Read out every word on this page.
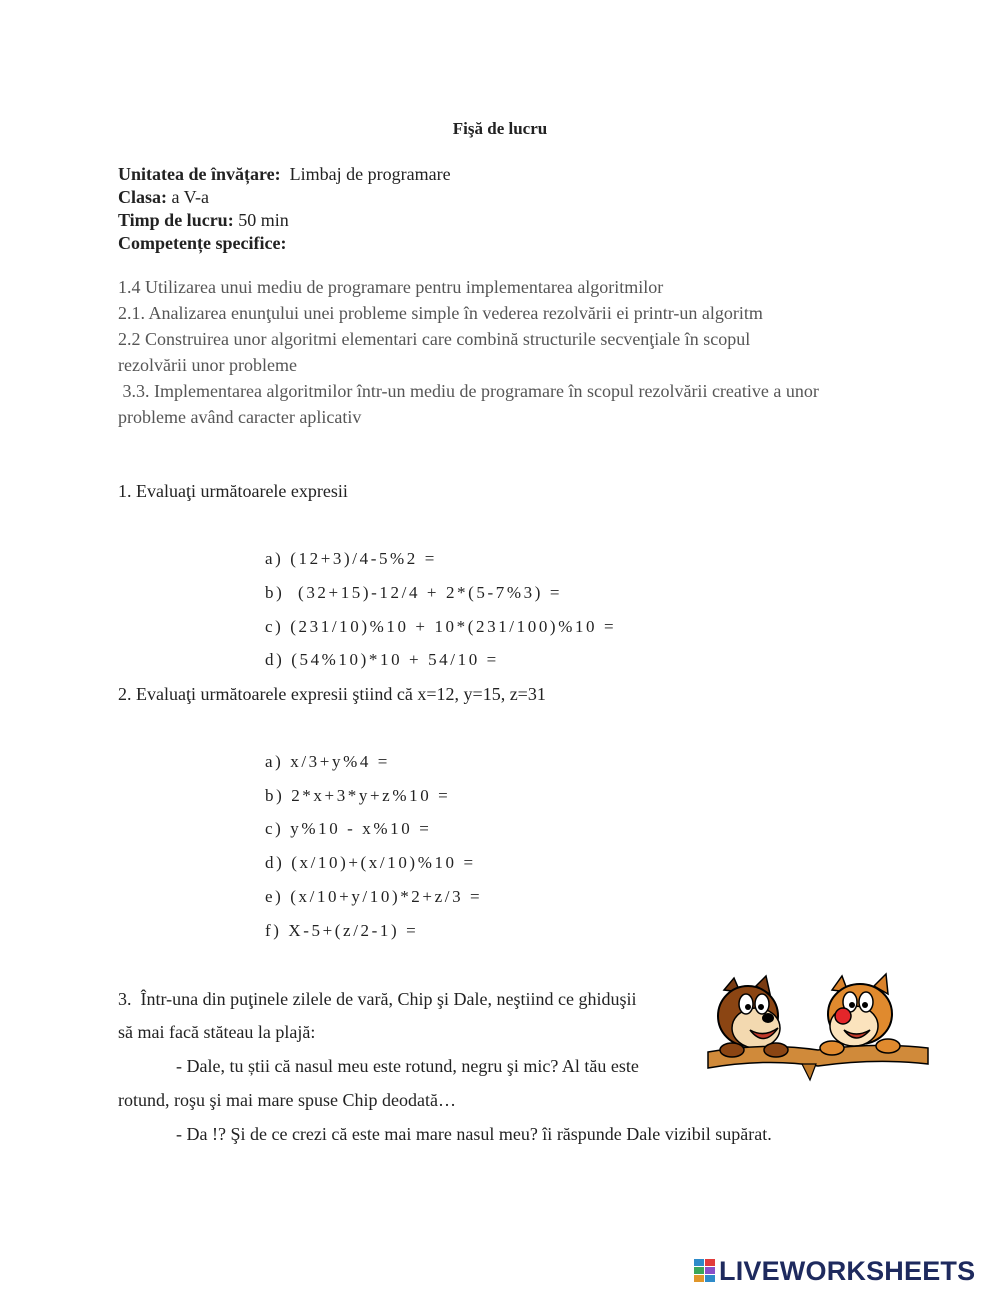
Fişă de lucru
Unitatea de învățare: Limbaj de programare
Clasa: a V-a
Timp de lucru: 50 min
Competențe specifice:
1.4 Utilizarea unui mediu de programare pentru implementarea algoritmilor
2.1. Analizarea enunţului unei probleme simple în vederea rezolvării ei printr-un algoritm
2.2 Construirea unor algoritmi elementari care combină structurile secvenţiale în scopul
rezolvării unor probleme
3.3. Implementarea algoritmilor într-un mediu de programare în scopul rezolvării creative a unor
probleme având caracter aplicativ
1. Evaluaţi următoarele expresii
a) (12+3)/4-5%2 =
b)  (32+15)-12/4 + 2*(5-7%3) =
c) (231/10)%10 + 10*(231/100)%10 =
d) (54%10)*10 + 54/10 =
2. Evaluaţi următoarele expresii ştiind că x=12, y=15, z=31
a) x/3+y%4 =
b) 2*x+3*y+z%10 =
c) y%10 - x%10 =
d) (x/10)+(x/10)%10 =
e) (x/10+y/10)*2+z/3 =
f) X-5+(z/2-1) =
3.  Într-una din puţinele zilele de vară, Chip şi Dale, neştiind ce ghiduşii
să mai facă stăteau la plajă:
- Dale, tu știi că nasul meu este rotund, negru şi mic? Al tău este
rotund, roşu şi mai mare spuse Chip deodată…
- Da !? Şi de ce crezi că este mai mare nasul meu? îi răspunde Dale vizibil supărat.
LIVEWORKSHEETS
